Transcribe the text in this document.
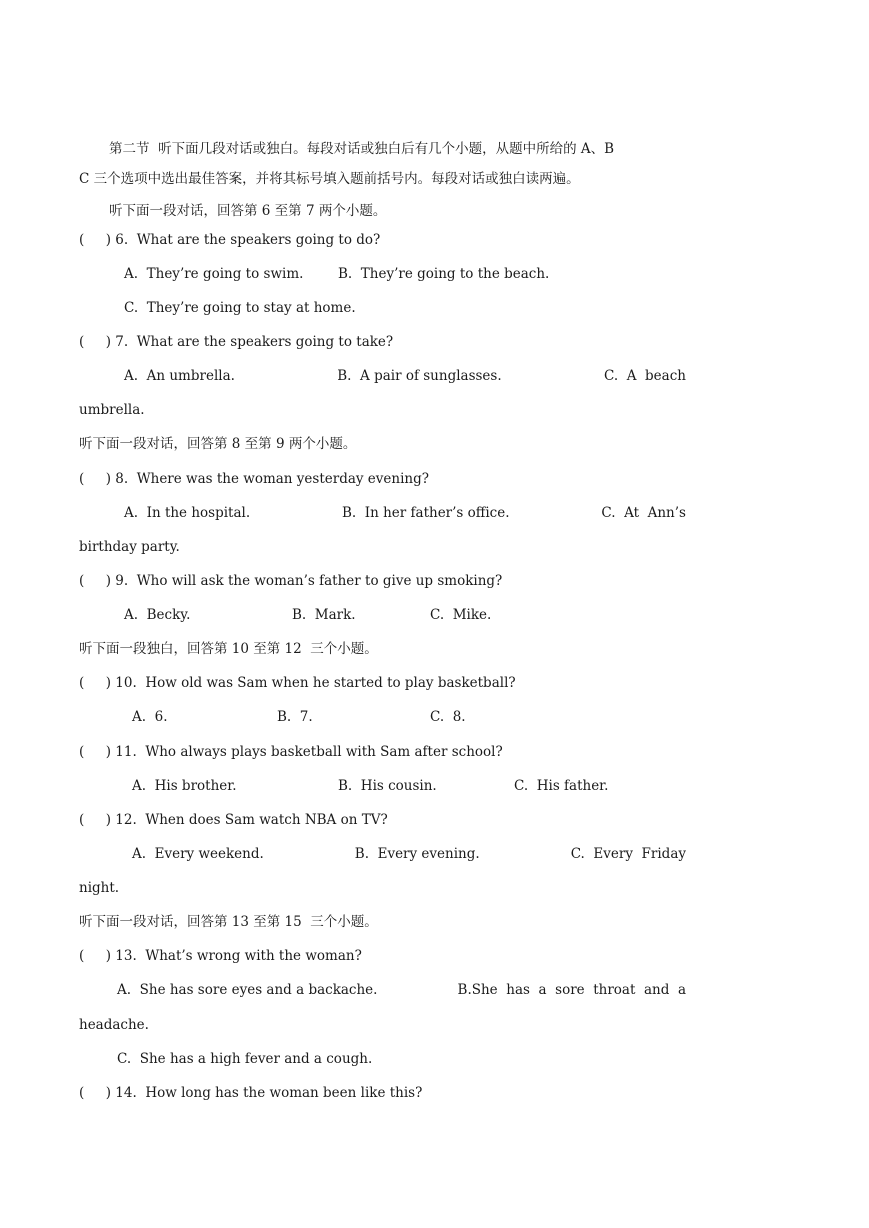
第二节  听下面几段对话或独白。每段对话或独白后有几个小题，从题中所给的 A、B
C 三个选项中选出最佳答案，并将其标号填入题前括号内。每段对话或独白读两遍。
听下面一段对话，回答第 6 至第 7 两个小题。
(     ) 6.  What are the speakers going to do?
A.  They’re going to swim.	B.  They’re going to the beach.
C.  They’re going to stay at home.
(     ) 7.  What are the speakers going to take?
A.  An umbrella.	B.  A pair of sunglasses.	C.  A  beach
umbrella.
听下面一段对话，回答第 8 至第 9 两个小题。
(     ) 8.  Where was the woman yesterday evening?
A.  In the hospital.	B.  In her father’s office.	C.  At  Ann’s
birthday party.
(     ) 9.  Who will ask the woman’s father to give up smoking?
A.  Becky.	B.  Mark.	C.  Mike.
听下面一段独白，回答第 10 至第 12  三个小题。
(     ) 10.  How old was Sam when he started to play basketball?
A.  6.	B.  7.	C.  8.
(     ) 11.  Who always plays basketball with Sam after school?
A.  His brother.	B.  His cousin.	C.  His father.
(     ) 12.  When does Sam watch NBA on TV?
A.  Every weekend.	B.  Every evening.	C.  Every  Friday
night.
听下面一段对话，回答第 13 至第 15  三个小题。
(     ) 13.  What’s wrong with the woman?
A.  She has sore eyes and a backache.	B.She  has  a  sore  throat  and  a
headache.
C.  She has a high fever and a cough.
(     ) 14.  How long has the woman been like this?
